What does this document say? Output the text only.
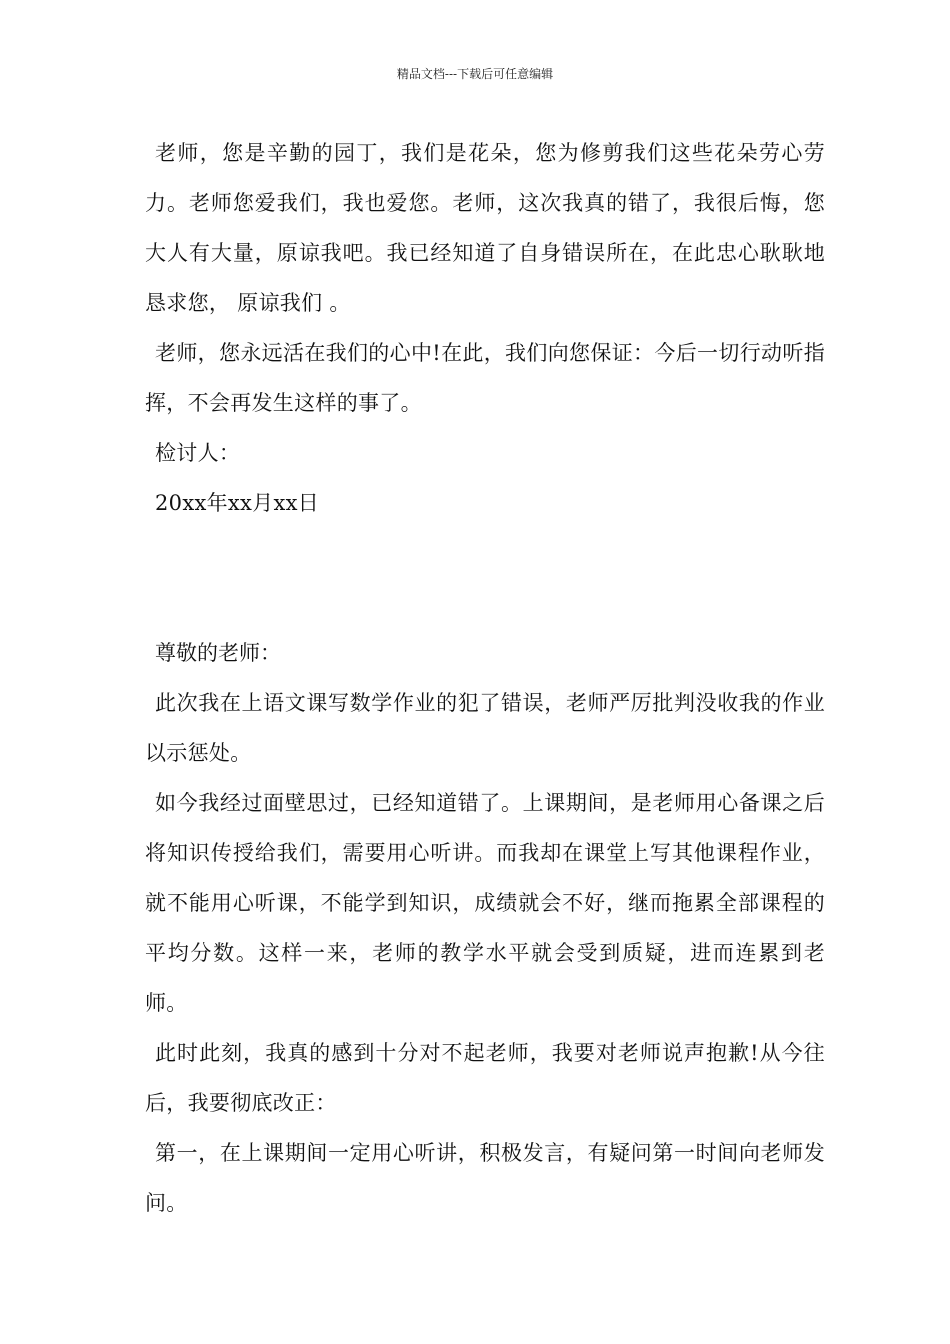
精品文档---下载后可任意编辑

老师，您是辛勤的园丁，我们是花朵，您为修剪我们这些花朵劳心劳力。老师您爱我们，我也爱您。老师，这次我真的错了，我很后悔，您大人有大量，原谅我吧。我已经知道了自身错误所在，在此忠心耿耿地恳求您， 原谅我们 。

老师，您永远活在我们的心中!在此，我们向您保证：今后一切行动听指挥，不会再发生这样的事了。

检讨人：

20xx年xx月xx日

尊敬的老师：

此次我在上语文课写数学作业的犯了错误，老师严厉批判没收我的作业以示惩处。

如今我经过面壁思过，已经知道错了。上课期间，是老师用心备课之后将知识传授给我们，需要用心听讲。而我却在课堂上写其他课程作业，就不能用心听课，不能学到知识，成绩就会不好，继而拖累全部课程的平均分数。这样一来，老师的教学水平就会受到质疑，进而连累到老师。

此时此刻，我真的感到十分对不起老师，我要对老师说声抱歉!从今往后，我要彻底改正：

第一，在上课期间一定用心听讲，积极发言，有疑问第一时间向老师发问。
